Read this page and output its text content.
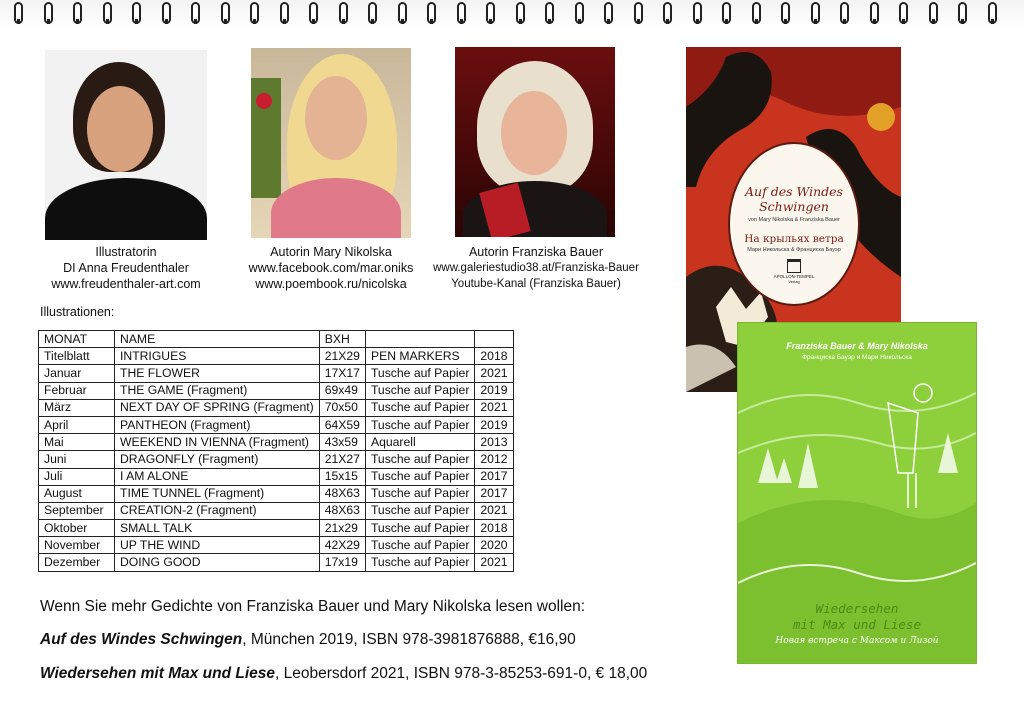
Illustratorin
DI Anna Freudenthaler
www.freudenthaler-art.com
Autorin Mary Nikolska
www.facebook.com/mar.oniks
www.poembook.ru/nicolska
Autorin Franziska Bauer
www.galeriestudio38.at/Franziska-Bauer
Youtube-Kanal (Franziska Bauer)
Illustrationen:
MONAT	NAME	BXH		
Titelblatt	INTRIGUES	21X29	PEN MARKERS	2018
Januar	THE FLOWER	17X17	Tusche auf Papier	2021
Februar	THE GAME (Fragment)	69x49	Tusche auf Papier	2019
März	NEXT DAY OF SPRING (Fragment)	70x50	Tusche auf Papier	2021
April	PANTHEON (Fragment)	64X59	Tusche auf Papier	2019
Mai	WEEKEND IN VIENNA (Fragment)	43x59	Aquarell	2013
Juni	DRAGONFLY (Fragment)	21X27	Tusche auf Papier	2012
Juli	I AM ALONE	15x15	Tusche auf Papier	2017
August	TIME TUNNEL (Fragment)	48X63	Tusche auf Papier	2017
September	CREATION-2 (Fragment)	48X63	Tusche auf Papier	2021
Oktober	SMALL TALK	21x29	Tusche auf Papier	2018
November	UP THE WIND	42X29	Tusche auf Papier	2020
Dezember	DOING GOOD	17x19	Tusche auf Papier	2021
Wenn Sie mehr Gedichte von Franziska Bauer und Mary Nikolska lesen wollen:
Auf des Windes Schwingen, München 2019, ISBN 978-3981876888, €16,90
Wiedersehen mit Max und Liese, Leobersdorf 2021, ISBN 978-3-85253-691-0, € 18,00
Auf des Windes
Schwingen
von Mary Nikolska & Franziska Bauer
На крыльях ветра
Мари Никольска & Франциска Бауэр
APOLLON-TEMPEL
Verlag
Franziska Bauer & Mary Nikolska
Франциска Бауэр и Мари Никольска
Wiedersehen
mit Max und Liese
Новая встреча с Максом и Лизой
